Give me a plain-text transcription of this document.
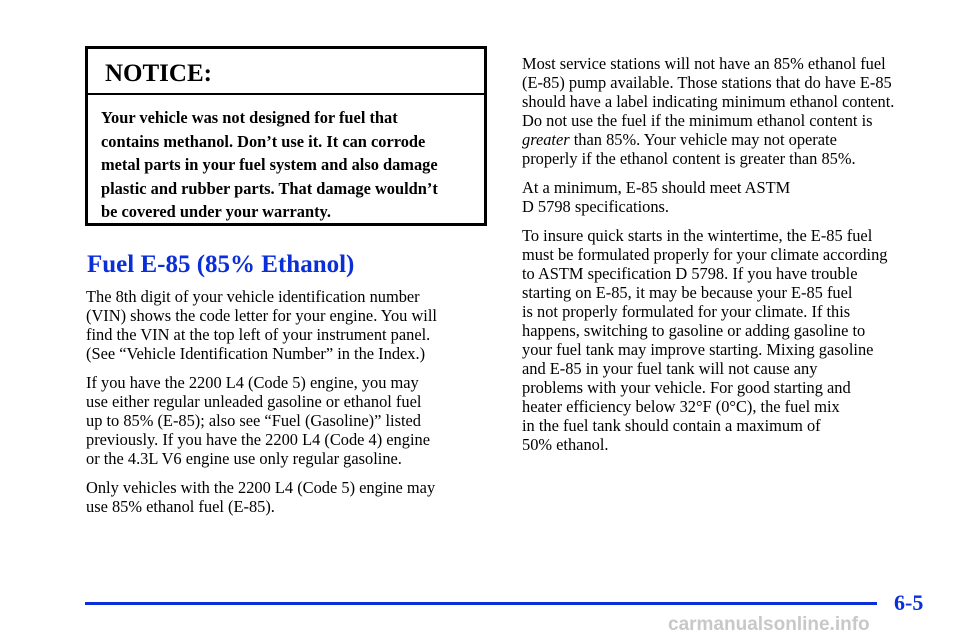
NOTICE:
Your vehicle was not designed for fuel that
contains methanol. Don’t use it. It can corrode
metal parts in your fuel system and also damage
plastic and rubber parts. That damage wouldn’t
be covered under your warranty.
Fuel E-85 (85% Ethanol)

The 8th digit of your vehicle identification number
(VIN) shows the code letter for your engine. You will
find the VIN at the top left of your instrument panel.
(See “Vehicle Identification Number” in the Index.)

If you have the 2200 L4 (Code 5) engine, you may
use either regular unleaded gasoline or ethanol fuel
up to 85% (E-85); also see “Fuel (Gasoline)” listed
previously. If you have the 2200 L4 (Code 4) engine
or the 4.3L V6 engine use only regular gasoline.

Only vehicles with the 2200 L4 (Code 5) engine may
use 85% ethanol fuel (E-85).

Most service stations will not have an 85% ethanol fuel
(E-85) pump available. Those stations that do have E-85
should have a label indicating minimum ethanol content.
Do not use the fuel if the minimum ethanol content is
greater than 85%. Your vehicle may not operate
properly if the ethanol content is greater than 85%.

At a minimum, E-85 should meet ASTM
D 5798 specifications.

To insure quick starts in the wintertime, the E-85 fuel
must be formulated properly for your climate according
to ASTM specification D 5798. If you have trouble
starting on E-85, it may be because your E-85 fuel
is not properly formulated for your climate. If this
happens, switching to gasoline or adding gasoline to
your fuel tank may improve starting. Mixing gasoline
and E-85 in your fuel tank will not cause any
problems with your vehicle. For good starting and
heater efficiency below 32°F (0°C), the fuel mix
in the fuel tank should contain a maximum of
50% ethanol.

6-5
carmanualsonline.info
